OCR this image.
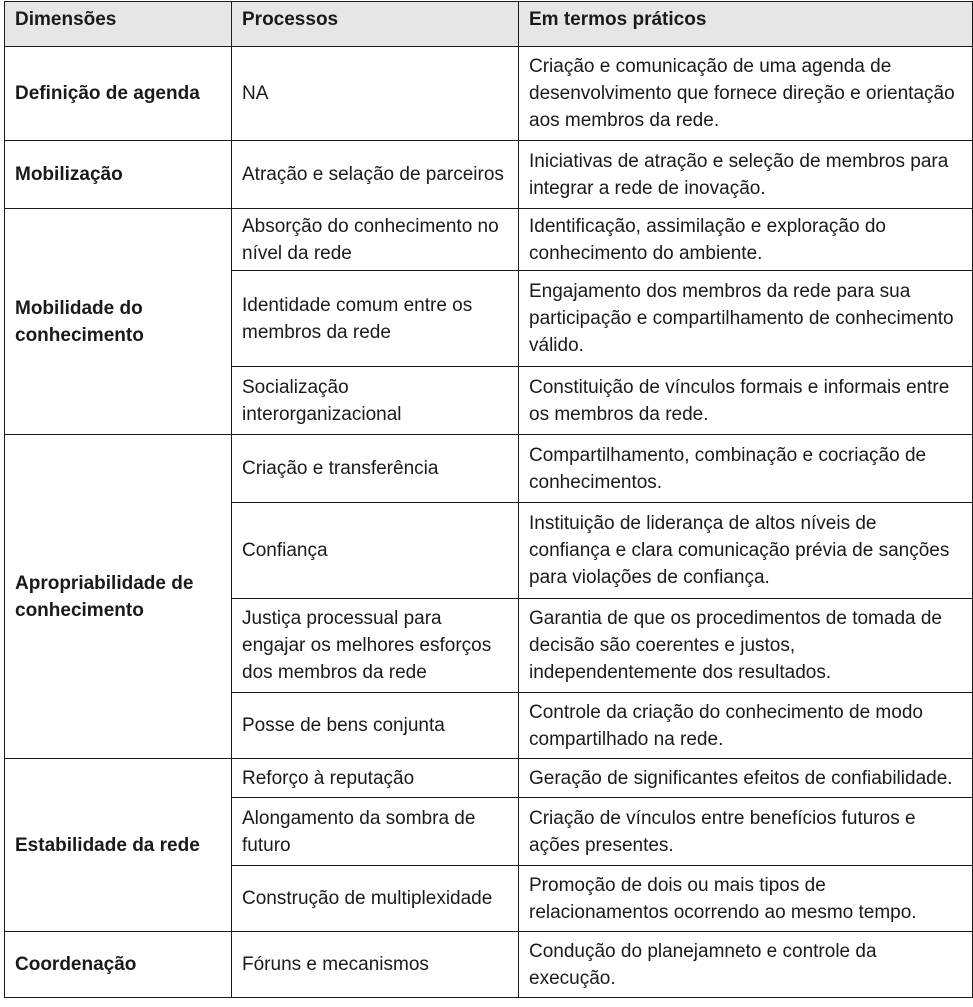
Dimensões	Processos	Em termos práticos
Definição de agenda	NA	Criação e comunicação de uma agenda de desenvolvimento que fornece direção e orientação aos membros da rede.
Mobilização	Atração e selação de parceiros	Iniciativas de atração e seleção de membros para integrar a rede de inovação.
Mobilidade do conhecimento	Absorção do conhecimento no nível da rede	Identificação, assimilação e exploração do conhecimento do ambiente.
	Identidade comum entre os membros da rede	Engajamento dos membros da rede para sua participação e compartilhamento de conhecimento válido.
	Socialização interorganizacional	Constituição de vínculos formais e informais entre os membros da rede.
Apropriabilidade de conhecimento	Criação e transferência	Compartilhamento, combinação e cocriação de conhecimentos.
	Confiança	Instituição de liderança de altos níveis de confiança e clara comunicação prévia de sanções para violações de confiança.
	Justiça processual para engajar os melhores esforços dos membros da rede	Garantia de que os procedimentos de tomada de decisão são coerentes e justos, independentemente dos resultados.
	Posse de bens conjunta	Controle da criação do conhecimento de modo compartilhado na rede.
Estabilidade da rede	Reforço à reputação	Geração de significantes efeitos de confiabilidade.
	Alongamento da sombra de futuro	Criação de vínculos entre benefícios futuros e ações presentes.
	Construção de multiplexidade	Promoção de dois ou mais tipos de relacionamentos ocorrendo ao mesmo tempo.
Coordenação	Fóruns e mecanismos	Condução do planejamneto e controle da execução.
